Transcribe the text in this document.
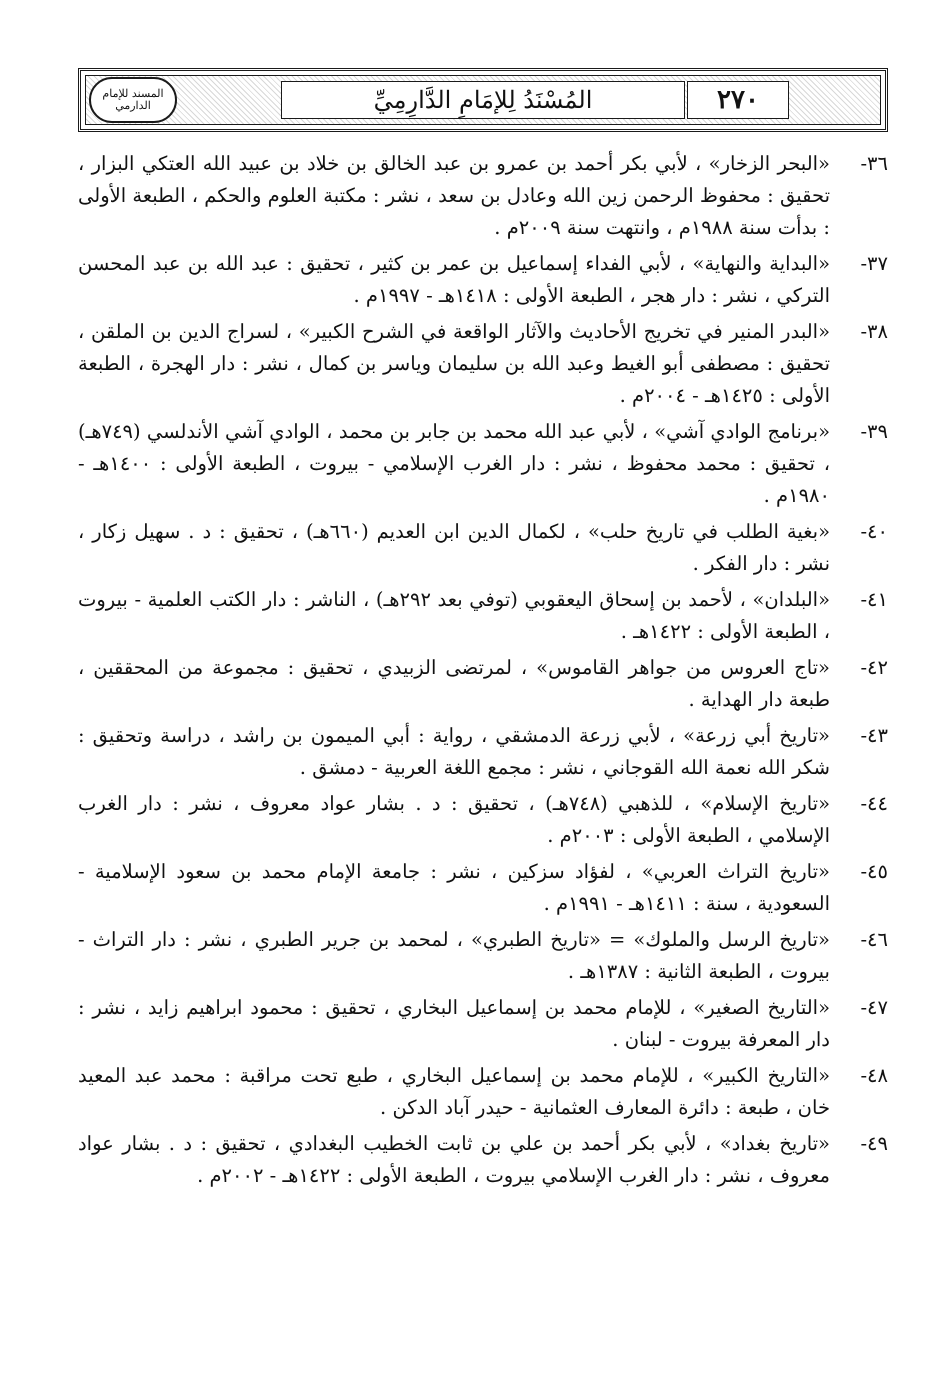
المسند للإمام الدارمي	المُسْنَدُ لِلإمَامِ الدَّارِمِيِّ	٢٧٠
٣٦-
«البحر الزخار» ، لأبي بكر أحمد بن عمرو بن عبد الخالق بن خلاد بن عبيد الله العتكي البزار ، تحقيق : محفوظ الرحمن زين الله وعادل بن سعد ، نشر : مكتبة العلوم والحكم ، الطبعة الأولى : بدأت سنة ١٩٨٨م ، وانتهت سنة ٢٠٠٩م .
٣٧-
«البداية والنهاية» ، لأبي الفداء إسماعيل بن عمر بن كثير ، تحقيق : عبد الله بن عبد المحسن التركي ، نشر : دار هجر ، الطبعة الأولى : ١٤١٨هـ - ١٩٩٧م .
٣٨-
«البدر المنير في تخريج الأحاديث والآثار الواقعة في الشرح الكبير» ، لسراج الدين بن الملقن ، تحقيق : مصطفى أبو الغيط وعبد الله بن سليمان وياسر بن كمال ، نشر : دار الهجرة ، الطبعة الأولى : ١٤٢٥هـ - ٢٠٠٤م .
٣٩-
«برنامج الوادي آشي» ، لأبي عبد الله محمد بن جابر بن محمد ، الوادي آشي الأندلسي (٧٤٩هـ) ، تحقيق : محمد محفوظ ، نشر : دار الغرب الإسلامي - بيروت ، الطبعة الأولى : ١٤٠٠هـ - ١٩٨٠م .
٤٠-
«بغية الطلب في تاريخ حلب» ، لكمال الدين ابن العديم (٦٦٠هـ) ، تحقيق : د . سهيل زكار ، نشر : دار الفكر .
٤١-
«البلدان» ، لأحمد بن إسحاق اليعقوبي (توفي بعد ٢٩٢هـ) ، الناشر : دار الكتب العلمية - بيروت ، الطبعة الأولى : ١٤٢٢هـ .
٤٢-
«تاج العروس من جواهر القاموس» ، لمرتضى الزبيدي ، تحقيق : مجموعة من المحققين ، طبعة دار الهداية .
٤٣-
«تاريخ أبي زرعة» ، لأبي زرعة الدمشقي ، رواية : أبي الميمون بن راشد ، دراسة وتحقيق : شكر الله نعمة الله القوجاني ، نشر : مجمع اللغة العربية - دمشق .
٤٤-
«تاريخ الإسلام» ، للذهبي (٧٤٨هـ) ، تحقيق : د . بشار عواد معروف ، نشر : دار الغرب الإسلامي ، الطبعة الأولى : ٢٠٠٣م .
٤٥-
«تاريخ التراث العربي» ، لفؤاد سزكين ، نشر : جامعة الإمام محمد بن سعود الإسلامية - السعودية ، سنة : ١٤١١هـ - ١٩٩١م .
٤٦-
«تاريخ الرسل والملوك» = «تاريخ الطبري» ، لمحمد بن جرير الطبري ، نشر : دار التراث - بيروت ، الطبعة الثانية : ١٣٨٧هـ .
٤٧-
«التاريخ الصغير» ، للإمام محمد بن إسماعيل البخاري ، تحقيق : محمود ابراهيم زايد ، نشر : دار المعرفة بيروت - لبنان .
٤٨-
«التاريخ الكبير» ، للإمام محمد بن إسماعيل البخاري ، طبع تحت مراقبة : محمد عبد المعيد خان ، طبعة : دائرة المعارف العثمانية - حيدر آباد الدكن .
٤٩-
«تاريخ بغداد» ، لأبي بكر أحمد بن علي بن ثابت الخطيب البغدادي ، تحقيق : د . بشار عواد معروف ، نشر : دار الغرب الإسلامي بيروت ، الطبعة الأولى : ١٤٢٢هـ - ٢٠٠٢م .
